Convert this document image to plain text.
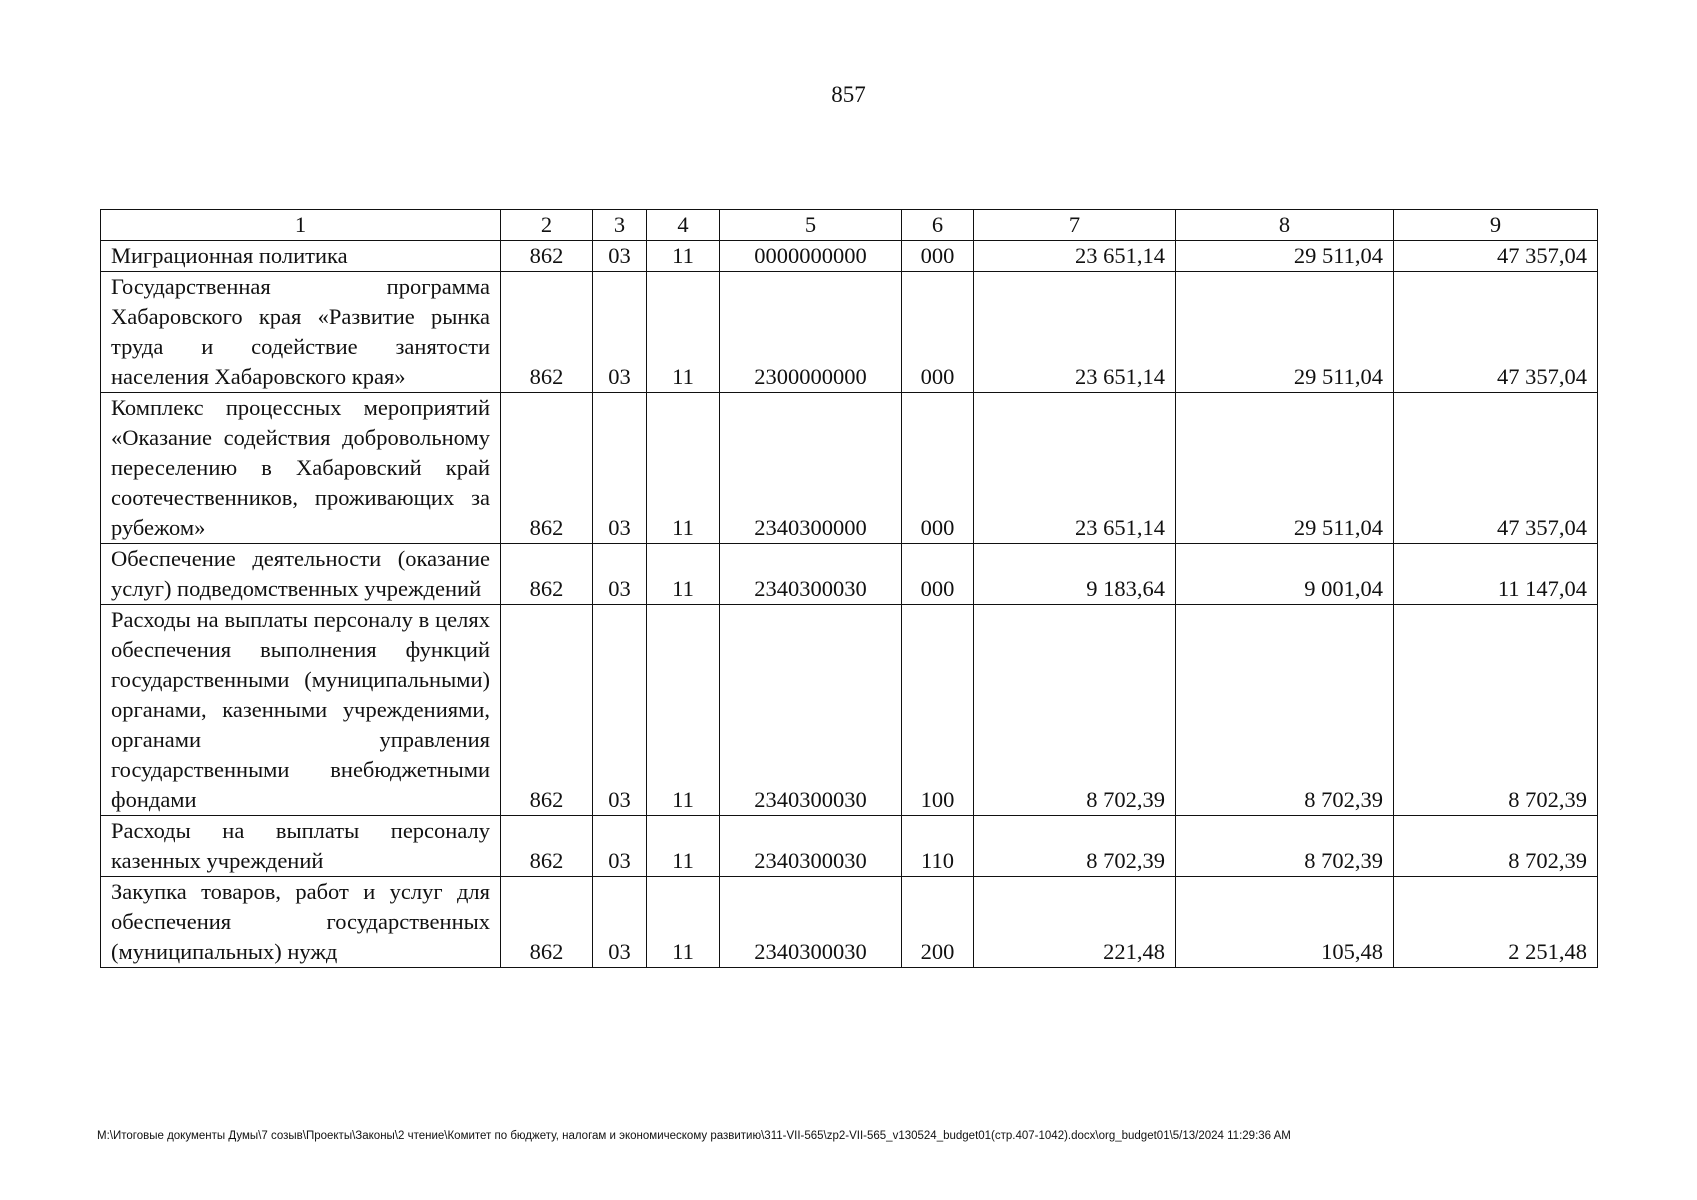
857
1	2	3	4	5	6	7	8	9
Миграционная политика	862	03	11	0000000000	000	23 651,14	29 511,04	47 357,04
Государственная программа Хабаровского края «Развитие рынка труда и содействие занятости населения Хабаровского края»	862	03	11	2300000000	000	23 651,14	29 511,04	47 357,04
Комплекс процессных мероприятий «Оказание содействия добровольному переселению в Хабаровский край соотечественников, проживающих за рубежом»	862	03	11	2340300000	000	23 651,14	29 511,04	47 357,04
Обеспечение деятельности (оказание услуг) подведомственных учреждений	862	03	11	2340300030	000	9 183,64	9 001,04	11 147,04
Расходы на выплаты персоналу в целях обеспечения выполнения функций государственными (муниципальными) органами, казенными учреждениями, органами управления государственными внебюджетными фондами	862	03	11	2340300030	100	8 702,39	8 702,39	8 702,39
Расходы на выплаты персоналу казенных учреждений	862	03	11	2340300030	110	8 702,39	8 702,39	8 702,39
Закупка товаров, работ и услуг для обеспечения государственных (муниципальных) нужд	862	03	11	2340300030	200	221,48	105,48	2 251,48
M:\Итоговые документы Думы\7 созыв\Проекты\Законы\2 чтение\Комитет по бюджету, налогам и экономическому развитию\311-VII-565\zp2-VII-565_v130524_budget01(стр.407-1042).docx\org_budget01\5/13/2024 11:29:36 AM
